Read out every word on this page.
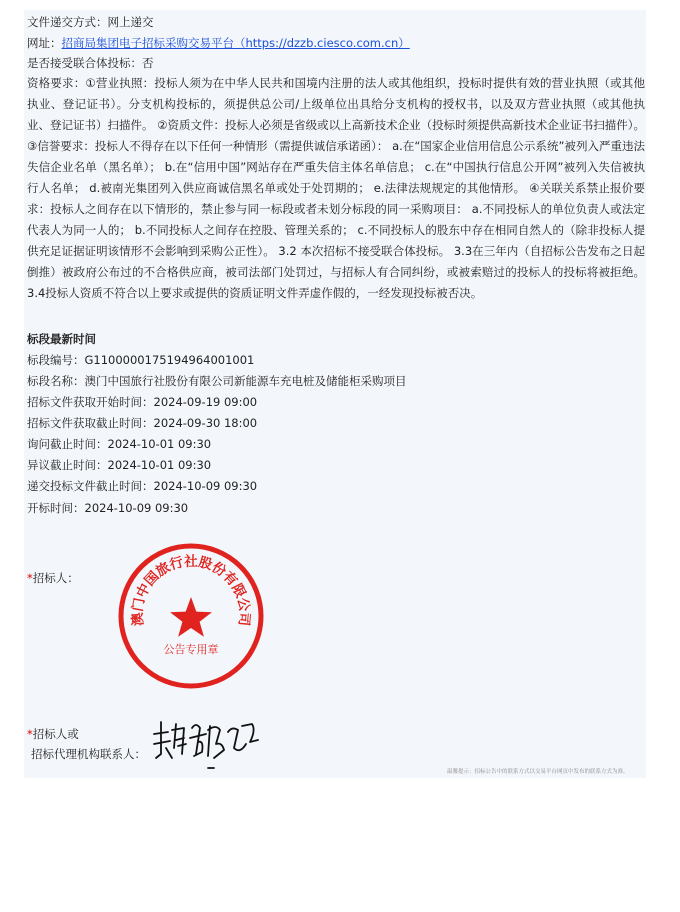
文件递交方式：网上递交
网址：招商局集团电子招标采购交易平台（https://dzzb.ciesco.com.cn）
是否接受联合体投标：否
资格要求：①营业执照：投标人须为在中华人民共和国境内注册的法人或其他组织，投标时提供有效的营业执照（或其他执业、登记证书）。分支机构投标的，须提供总公司/上级单位出具给分支机构的授权书，以及双方营业执照（或其他执业、登记证书）扫描件。 ②资质文件：投标人必须是省级或以上高新技术企业（投标时须提供高新技术企业证书扫描件）。 ③信誉要求：投标人不得存在以下任何一种情形（需提供诚信承诺函）： a.在“国家企业信用信息公示系统”被列入严重违法失信企业名单（黑名单）； b.在“信用中国”网站存在严重失信主体名单信息； c.在“中国执行信息公开网”被列入失信被执行人名单； d.被南光集团列入供应商诚信黑名单或处于处罚期的； e.法律法规规定的其他情形。 ④关联关系禁止报价要求：投标人之间存在以下情形的，禁止参与同一标段或者未划分标段的同一采购项目： a.不同投标人的单位负责人或法定代表人为同一人的； b.不同投标人之间存在控股、管理关系的； c.不同投标人的股东中存在相同自然人的（除非投标人提供充足证据证明该情形不会影响到采购公正性）。 3.2 本次招标不接受联合体投标。 3.3在三年内（自招标公告发布之日起倒推）被政府公布过的不合格供应商，被司法部门处罚过，与招标人有合同纠纷，或被索赔过的投标人的投标将被拒绝。 3.4投标人资质不符合以上要求或提供的资质证明文件弄虚作假的，一经发现投标被否决。
标段最新时间
标段编号：G1100000175194964001001
标段名称：澳门中国旅行社股份有限公司新能源车充电桩及储能柜采购项目
招标文件获取开始时间：2024-09-19 09:00
招标文件获取截止时间：2024-09-30 18:00
询问截止时间：2024-10-01 09:30
异议截止时间：2024-10-01 09:30
递交投标文件截止时间：2024-10-09 09:30
开标时间：2024-10-09 09:30
*招标人：
澳门中国旅行社股份有限公司
公告专用章
*招标人或
招标代理机构联系人：
温馨提示：招标公告中的联系方式以交易平台网页中发布的联系方式为准。
